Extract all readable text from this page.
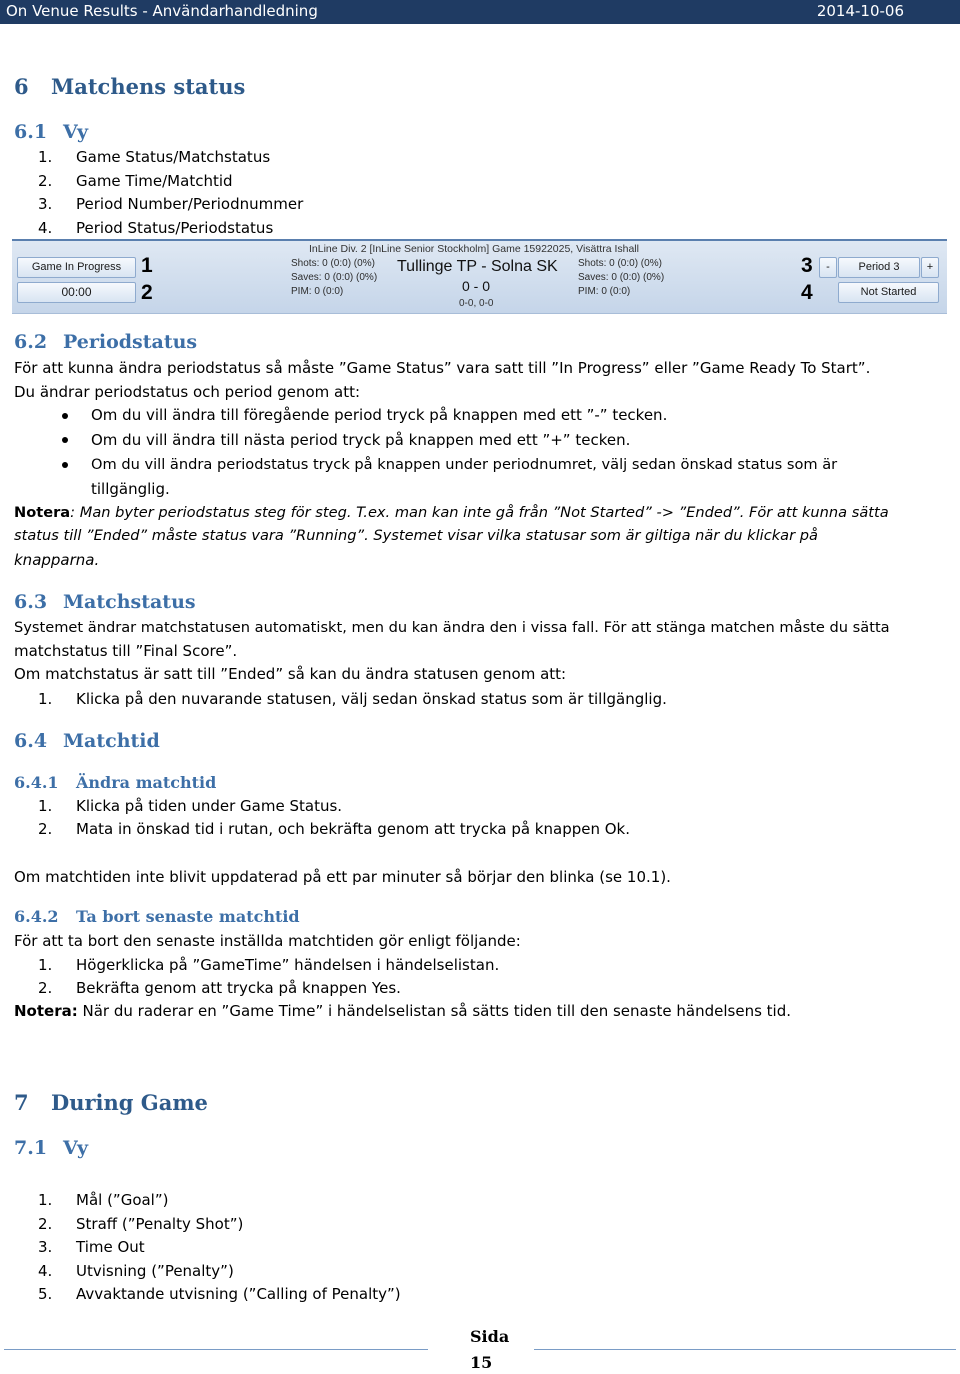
On Venue Results - Användarhandledning	2014-10-06
6 Matchens status
6.1 Vy
1. Game Status/Matchstatus
2. Game Time/Matchtid
3. Period Number/Periodnummer
4. Period Status/Periodstatus
Game In Progress
00:00
1
2
InLine Div. 2 [InLine Senior Stockholm] Game 15922025, Visättra Ishall
Shots: 0 (0:0) (0%)
Saves: 0 (0:0) (0%)
PIM: 0 (0:0)
Tullinge TP - Solna SK
0 - 0
0-0, 0-0
Shots: 0 (0:0) (0%)
Saves: 0 (0:0) (0%)
PIM: 0 (0:0)
3
4
-	Period 3	+
Not Started
6.2 Periodstatus
För att kunna ändra periodstatus så måste ”Game Status” vara satt till ”In Progress” eller ”Game Ready To Start”.
Du ändrar periodstatus och period genom att:
Om du vill ändra till föregående period tryck på knappen med ett ”-” tecken.
Om du vill ändra till nästa period tryck på knappen med ett ”+” tecken.
Om du vill ändra periodstatus tryck på knappen under periodnumret, välj sedan önskad status som är
tillgänglig.
Notera: Man byter periodstatus steg för steg. T.ex. man kan inte gå från ”Not Started” -> ”Ended”. För att kunna sätta
status till ”Ended” måste status vara ”Running”. Systemet visar vilka statusar som är giltiga när du klickar på
knapparna.
6.3 Matchstatus
Systemet ändrar matchstatusen automatiskt, men du kan ändra den i vissa fall. För att stänga matchen måste du sätta
matchstatus till ”Final Score”.
Om matchstatus är satt till ”Ended” så kan du ändra statusen genom att:
1. Klicka på den nuvarande statusen, välj sedan önskad status som är tillgänglig.
6.4 Matchtid
6.4.1 Ändra matchtid
1. Klicka på tiden under Game Status.
2. Mata in önskad tid i rutan, och bekräfta genom att trycka på knappen Ok.
Om matchtiden inte blivit uppdaterad på ett par minuter så börjar den blinka (se 10.1).
6.4.2 Ta bort senaste matchtid
För att ta bort den senaste inställda matchtiden gör enligt följande:
1. Högerklicka på ”GameTime” händelsen i händelselistan.
2. Bekräfta genom att trycka på knappen Yes.
Notera: När du raderar en ”Game Time” i händelselistan så sätts tiden till den senaste händelsens tid.
7 During Game
7.1 Vy
1. Mål (”Goal”)
2. Straff (”Penalty Shot”)
3. Time Out
4. Utvisning (”Penalty”)
5. Avvaktande utvisning (”Calling of Penalty”)
Sida
15
